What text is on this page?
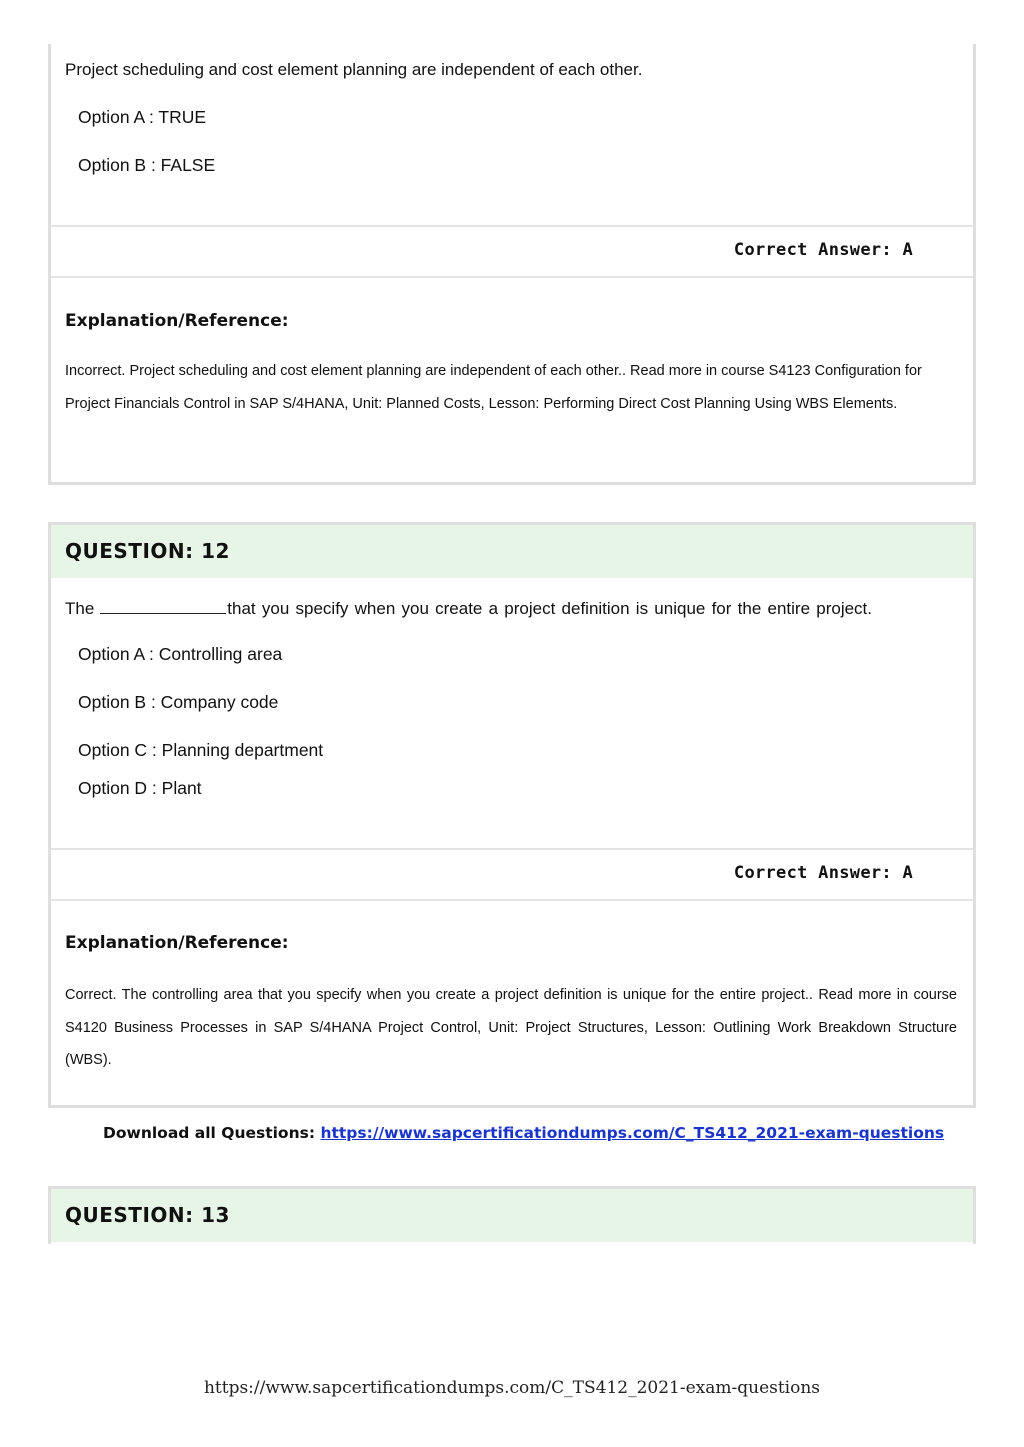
Project scheduling and cost element planning are independent of each other.
Option A : TRUE
Option B : FALSE
Correct Answer: A
Explanation/Reference:
Incorrect. Project scheduling and cost element planning are independent of each other.. Read more in course S4123 Configuration for Project Financials Control in SAP S/4HANA, Unit: Planned Costs, Lesson: Performing Direct Cost Planning Using WBS Elements.
QUESTION: 12
The	that you specify when you create a project definition is unique for the entire project.
Option A : Controlling area
Option B : Company code
Option C : Planning department
Option D : Plant
Correct Answer: A
Explanation/Reference:
Correct. The controlling area that you specify when you create a project definition is unique for the entire project.. Read more in course S4120 Business Processes in SAP S/4HANA Project Control, Unit: Project Structures, Lesson: Outlining Work Breakdown Structure (WBS).
Download all Questions: https://www.sapcertificationdumps.com/C_TS412_2021-exam-questions
QUESTION: 13
https://www.sapcertificationdumps.com/C_TS412_2021-exam-questions
